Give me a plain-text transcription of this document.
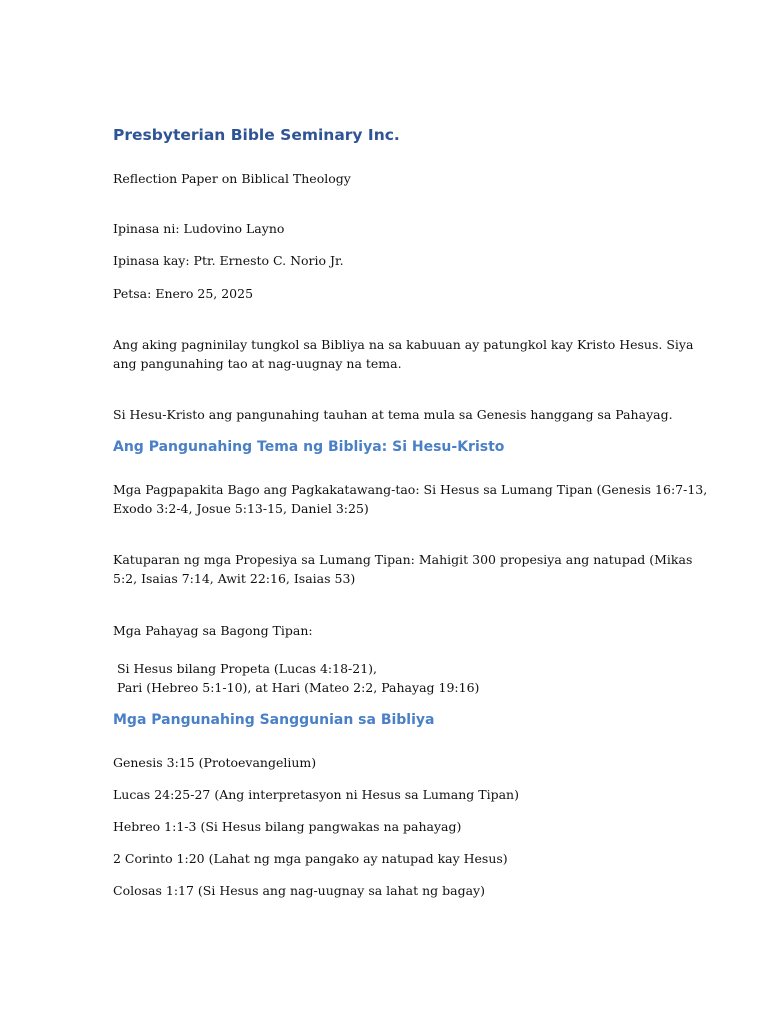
Presbyterian Bible Seminary Inc.
Reflection Paper on Biblical Theology
Ipinasa ni: Ludovino Layno
Ipinasa kay: Ptr. Ernesto C. Norio Jr.
Petsa: Enero 25, 2025
Ang aking pagninilay tungkol sa Bibliya na sa kabuuan ay patungkol kay Kristo Hesus. Siya
ang pangunahing tao at nag-uugnay na tema.
Si Hesu-Kristo ang pangunahing tauhan at tema mula sa Genesis hanggang sa Pahayag.
Ang Pangunahing Tema ng Bibliya: Si Hesu-Kristo
Mga Pagpapakita Bago ang Pagkakatawang-tao: Si Hesus sa Lumang Tipan (Genesis 16:7-13,
Exodo 3:2-4, Josue 5:13-15, Daniel 3:25)
Katuparan ng mga Propesiya sa Lumang Tipan: Mahigit 300 propesiya ang natupad (Mikas
5:2, Isaias 7:14, Awit 22:16, Isaias 53)
Mga Pahayag sa Bagong Tipan:
Si Hesus bilang Propeta (Lucas 4:18-21),
Pari (Hebreo 5:1-10), at Hari (Mateo 2:2, Pahayag 19:16)
Mga Pangunahing Sanggunian sa Bibliya
Genesis 3:15 (Protoevangelium)
Lucas 24:25-27 (Ang interpretasyon ni Hesus sa Lumang Tipan)
Hebreo 1:1-3 (Si Hesus bilang pangwakas na pahayag)
2 Corinto 1:20 (Lahat ng mga pangako ay natupad kay Hesus)
Colosas 1:17 (Si Hesus ang nag-uugnay sa lahat ng bagay)
